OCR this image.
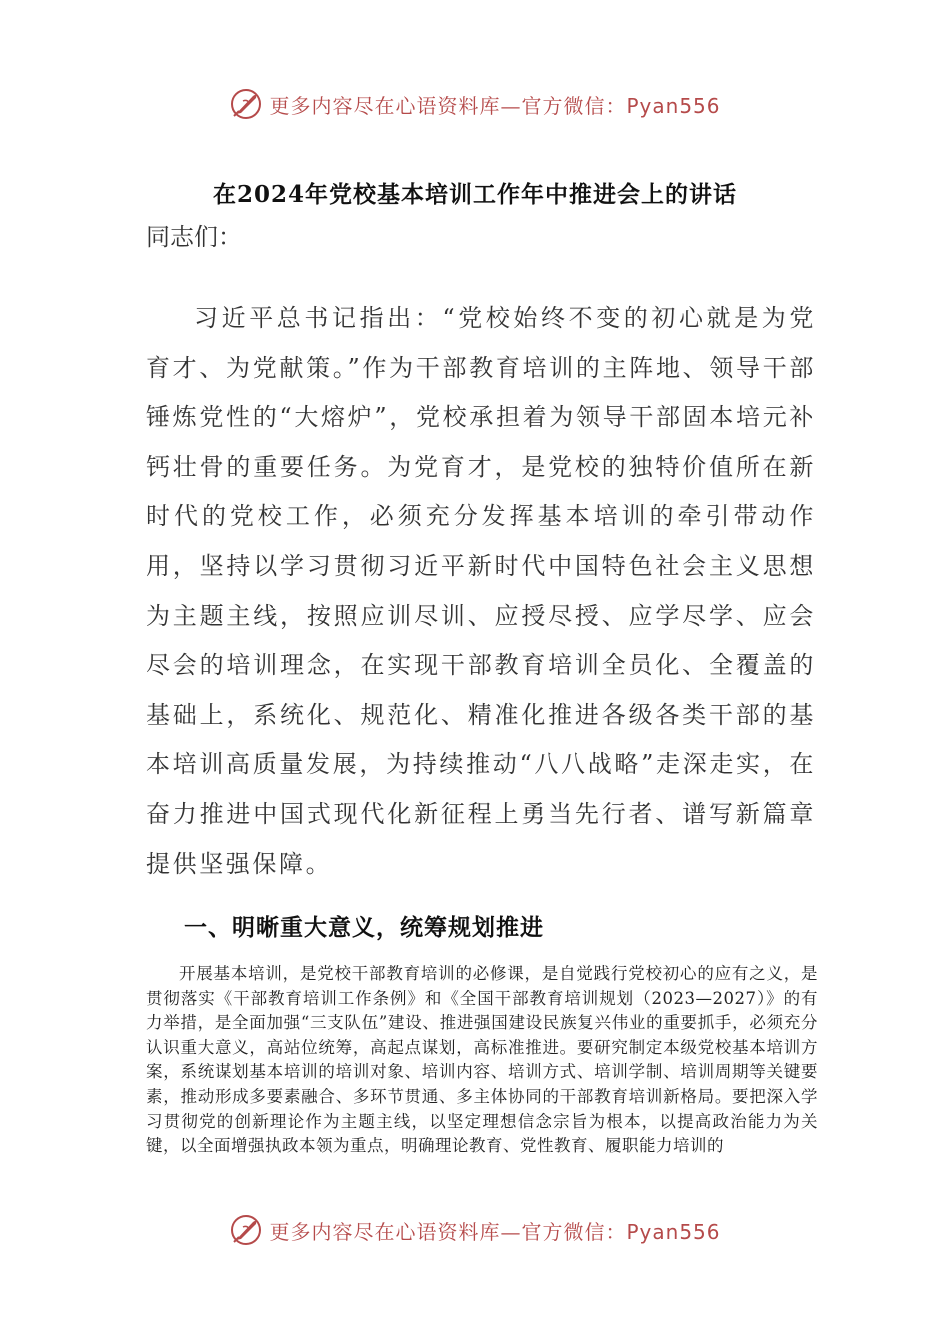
更多内容尽在心语资料库—官方微信：Pyan556
在2024年党校基本培训工作年中推进会上的讲话
同志们：

习近平总书记指出：“党校始终不变的初心就是为党育才、为党献策。”作为干部教育培训的主阵地、领导干部锤炼党性的“大熔炉”，党校承担着为领导干部固本培元补钙壮骨的重要任务。为党育才，是党校的独特价值所在新时代的党校工作，必须充分发挥基本培训的牵引带动作用，坚持以学习贯彻习近平新时代中国特色社会主义思想为主题主线，按照应训尽训、应授尽授、应学尽学、应会尽会的培训理念，在实现干部教育培训全员化、全覆盖的基础上，系统化、规范化、精准化推进各级各类干部的基本培训高质量发展，为持续推动“八八战略”走深走实，在奋力推进中国式现代化新征程上勇当先行者、谱写新篇章提供坚强保障。

一、明晰重大意义，统筹规划推进

开展基本培训，是党校干部教育培训的必修课，是自觉践行党校初心的应有之义，是贯彻落实《干部教育培训工作条例》和《全国干部教育培训规划（2023—2027）》的有力举措，是全面加强“三支队伍”建设、推进强国建设民族复兴伟业的重要抓手，必须充分认识重大意义，高站位统筹，高起点谋划，高标准推进。要研究制定本级党校基本培训方案，系统谋划基本培训的培训对象、培训内容、培训方式、培训学制、培训周期等关键要素，推动形成多要素融合、多环节贯通、多主体协同的干部教育培训新格局。要把深入学习贯彻党的创新理论作为主题主线，以坚定理想信念宗旨为根本，以提高政治能力为关键，以全面增强执政本领为重点，明确理论教育、党性教育、履职能力培训的

更多内容尽在心语资料库—官方微信：Pyan556
